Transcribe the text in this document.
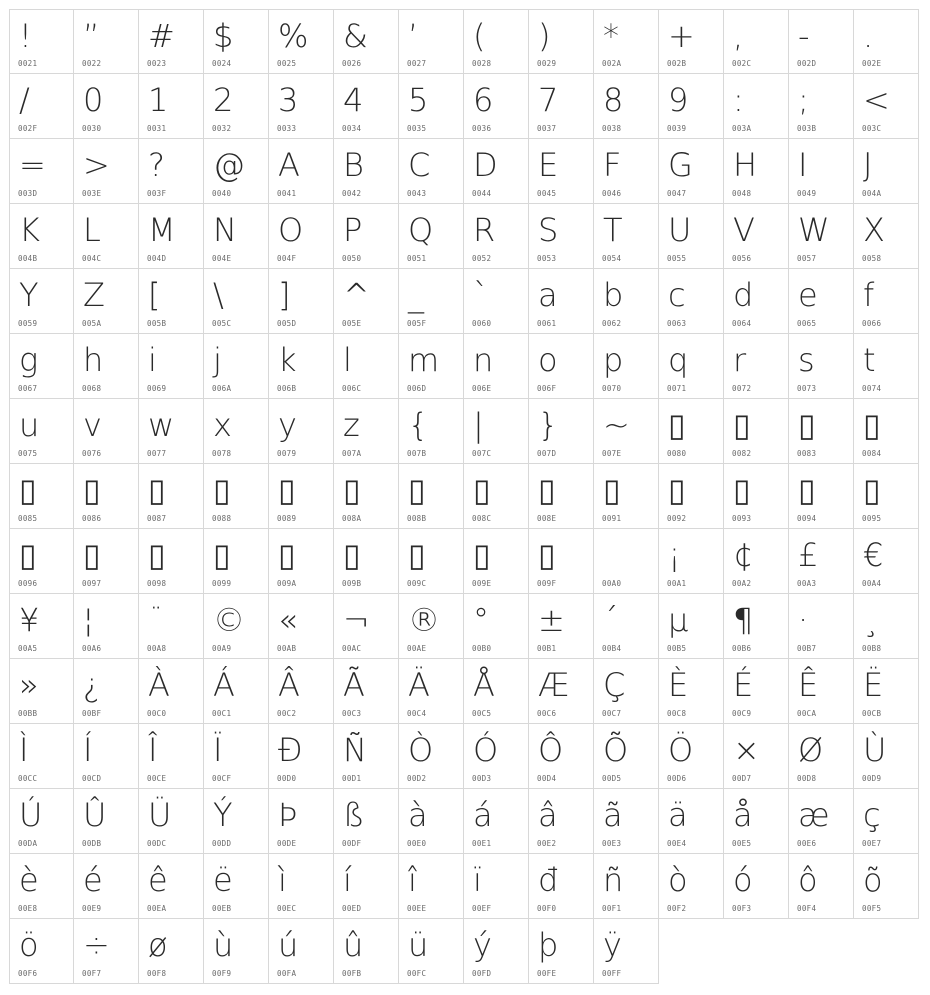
!
0021
”
0022
#
0023
$
0024
%
0025
&
0026
’
0027
(
0028
)
0029
*
002A
+
002B
,
002C
-
002D
.
002E
/
002F
0
0030
1
0031
2
0032
3
0033
4
0034
5
0035
6
0036
7
0037
8
0038
9
0039
:
003A
;
003B
<
003C
=
003D
>
003E
?
003F
@
0040
A
0041
B
0042
C
0043
D
0044
E
0045
F
0046
G
0047
H
0048
I
0049
J
004A
K
004B
L
004C
M
004D
N
004E
O
004F
P
0050
Q
0051
R
0052
S
0053
T
0054
U
0055
V
0056
W
0057
X
0058
Y
0059
Z
005A
[
005B
\
005C
]
005D
^
005E
_
005F
`
0060
a
0061
b
0062
c
0063
d
0064
e
0065
f
0066
g
0067
h
0068
i
0069
j
006A
k
006B
l
006C
m
006D
n
006E
o
006F
p
0070
q
0071
r
0072
s
0073
t
0074
u
0075
v
0076
w
0077
x
0078
y
0079
z
007A
{
007B
|
007C
}
007D
~
007E
▯
0080
▯
0082
▯
0083
▯
0084
▯
0085
▯
0086
▯
0087
▯
0088
▯
0089
▯
008A
▯
008B
▯
008C
▯
008E
▯
0091
▯
0092
▯
0093
▯
0094
▯
0095
▯
0096
▯
0097
▯
0098
▯
0099
▯
009A
▯
009B
▯
009C
▯
009E
▯
009F	00A0
¡
00A1
¢
00A2
£
00A3
€
00A4
¥
00A5
¦
00A6
¨
00A8
©
00A9
«
00AB
¬
00AC
®
00AE
°
00B0
±
00B1
´
00B4
µ
00B5
¶
00B6
·
00B7
¸
00B8
»
00BB
¿
00BF
À
00C0
Á
00C1
Â
00C2
Ã
00C3
Ä
00C4
Å
00C5
Æ
00C6
Ç
00C7
È
00C8
É
00C9
Ê
00CA
Ë
00CB
Ì
00CC
Í
00CD
Î
00CE
Ï
00CF
Ð
00D0
Ñ
00D1
Ò
00D2
Ó
00D3
Ô
00D4
Õ
00D5
Ö
00D6
×
00D7
Ø
00D8
Ù
00D9
Ú
00DA
Û
00DB
Ü
00DC
Ý
00DD
Þ
00DE
ß
00DF
à
00E0
á
00E1
â
00E2
ã
00E3
ä
00E4
å
00E5
æ
00E6
ç
00E7
è
00E8
é
00E9
ê
00EA
ë
00EB
ì
00EC
í
00ED
î
00EE
ï
00EF
đ
00F0
ñ
00F1
ò
00F2
ó
00F3
ô
00F4
õ
00F5
ö
00F6
÷
00F7
ø
00F8
ù
00F9
ú
00FA
û
00FB
ü
00FC
ý
00FD
þ
00FE
ÿ
00FF
